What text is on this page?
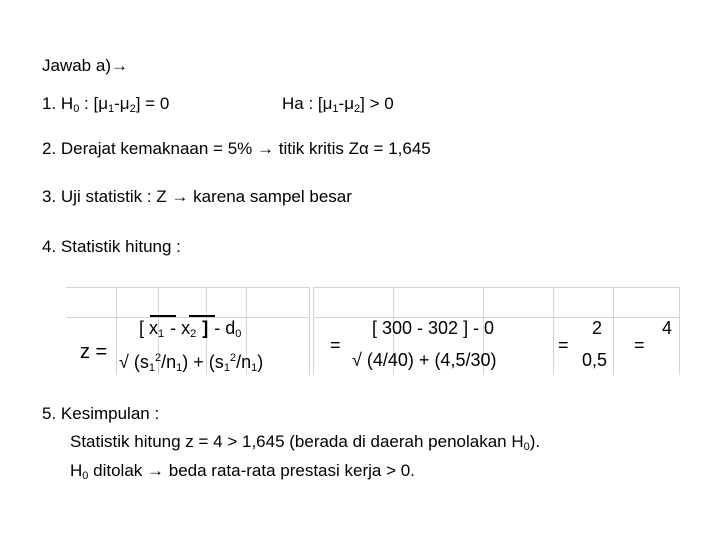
Jawab a)→
1. $H_0$ : $[\mu_1-\mu_2] = 0$	Ha : $[\mu_1-\mu_2] > 0$
2. Derajat kemaknaan = 5% → titik kritis Zα = 1,645
3. Uji statistik : Z → karena sampel besar
4. Statistik hitung :
z =
[ $x_1 - x_2$ ] - $d_0$
√ $(s_1^2/n_1) + (s_1^2/n_1)$
=
[ 300 - 302 ] - 0
√ (4/40) + (4,5/30)
=
2
0,5
=
4
5. Kesimpulan :
Statistik hitung z = 4 > 1,645 (berada di daerah penolakan $H_0$).
$H_0$ ditolak → beda rata-rata prestasi kerja > 0.
